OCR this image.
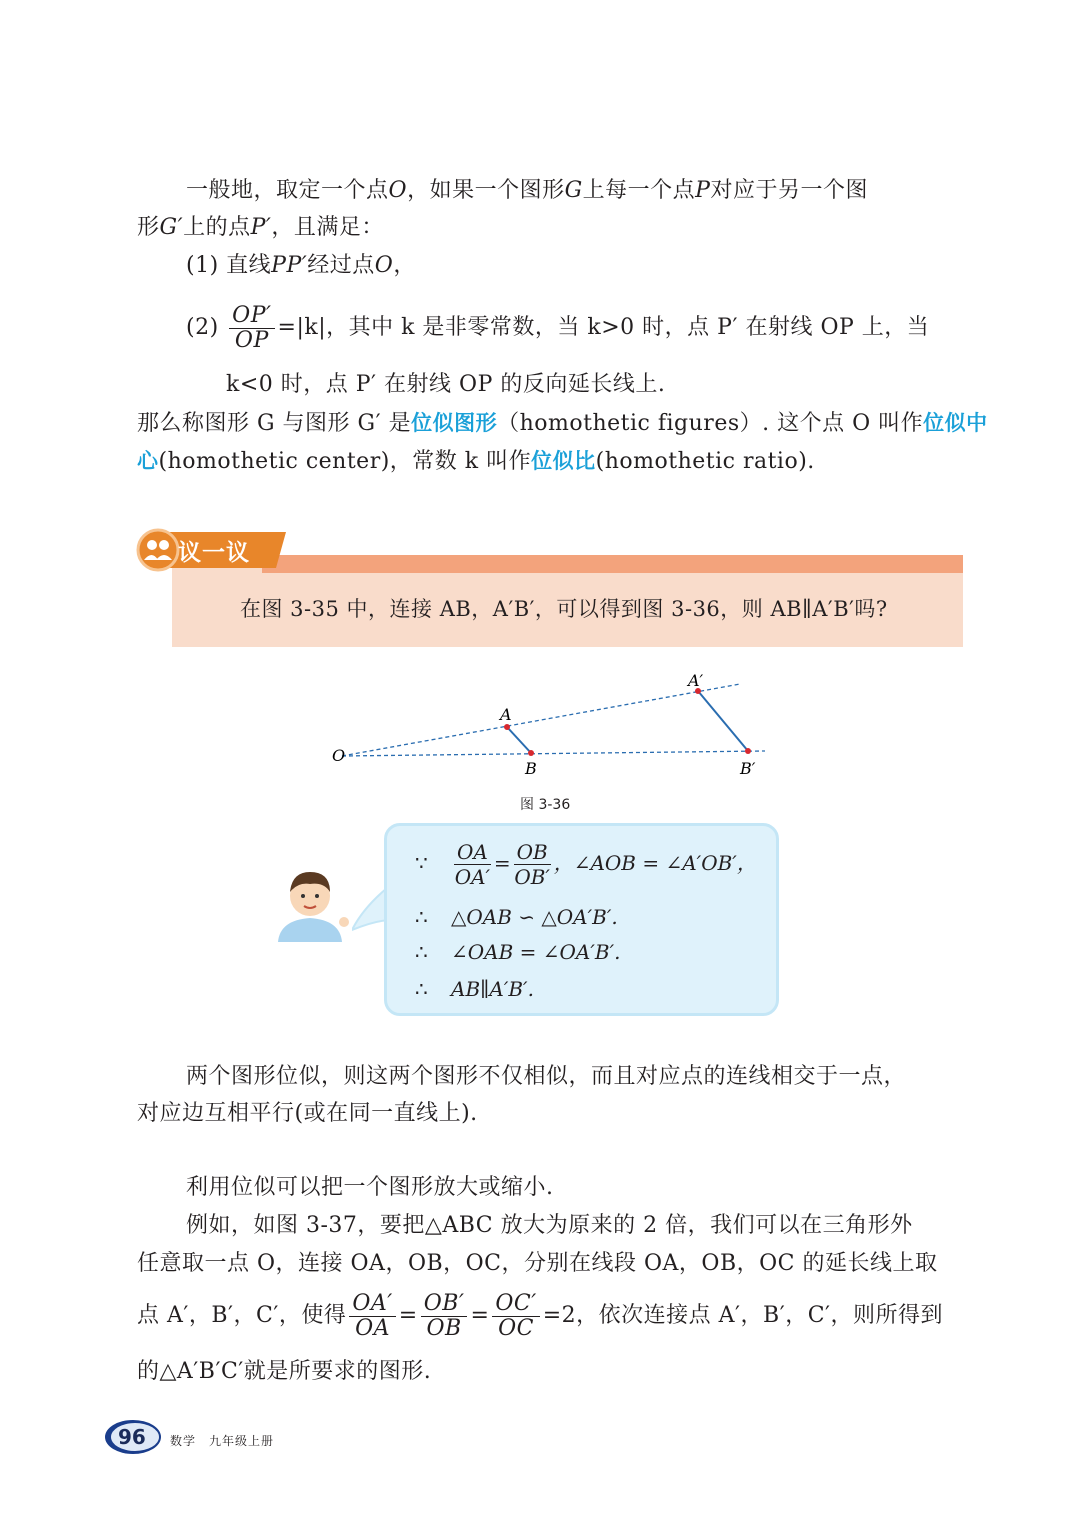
一般地，取定一个点O，如果一个图形G上每一个点P对应于另一个图
形G′上的点P′，且满足：
(1) 直线PP′经过点O，
$(2) \frac{OP'}{OP} =|k|$，其中 k 是非零常数，当 k>0 时，点 P′ 在射线 OP 上，当
k<0 时，点 P′ 在射线 OP 的反向延长线上.
那么称图形 G 与图形 G′ 是位似图形（homothetic figures）. 这个点 O 叫作位似中
心(homothetic center)，常数 k 叫作位似比(homothetic ratio).
议一议
在图 3-35 中，连接 AB，A′B′，可以得到图 3-36，则 AB∥A′B′吗?
O
A
B
A′
B′
图 3-36
∵ $\frac{OA}{OA'} = \frac{OB}{OB'}$ ，∠AOB = ∠A′OB′，
∴ △OAB ∽ △OA′B′.
∴ ∠OAB = ∠OA′B′.
∴ AB∥A′B′.
两个图形位似，则这两个图形不仅相似，而且对应点的连线相交于一点，
对应边互相平行(或在同一直线上).
利用位似可以把一个图形放大或缩小.
例如，如图 3-37，要把△ABC 放大为原来的 2 倍，我们可以在三角形外
任意取一点 O，连接 OA，OB，OC，分别在线段 OA，OB，OC 的延长线上取
点 A′，B′，C′，使得 $\frac{OA'}{OA} = \frac{OB'}{OB} = \frac{OC'}{OC} =2$，依次连接点 A′，B′，C′，则所得到
的△A′B′C′就是所要求的图形.
96 数学　九年级上册
